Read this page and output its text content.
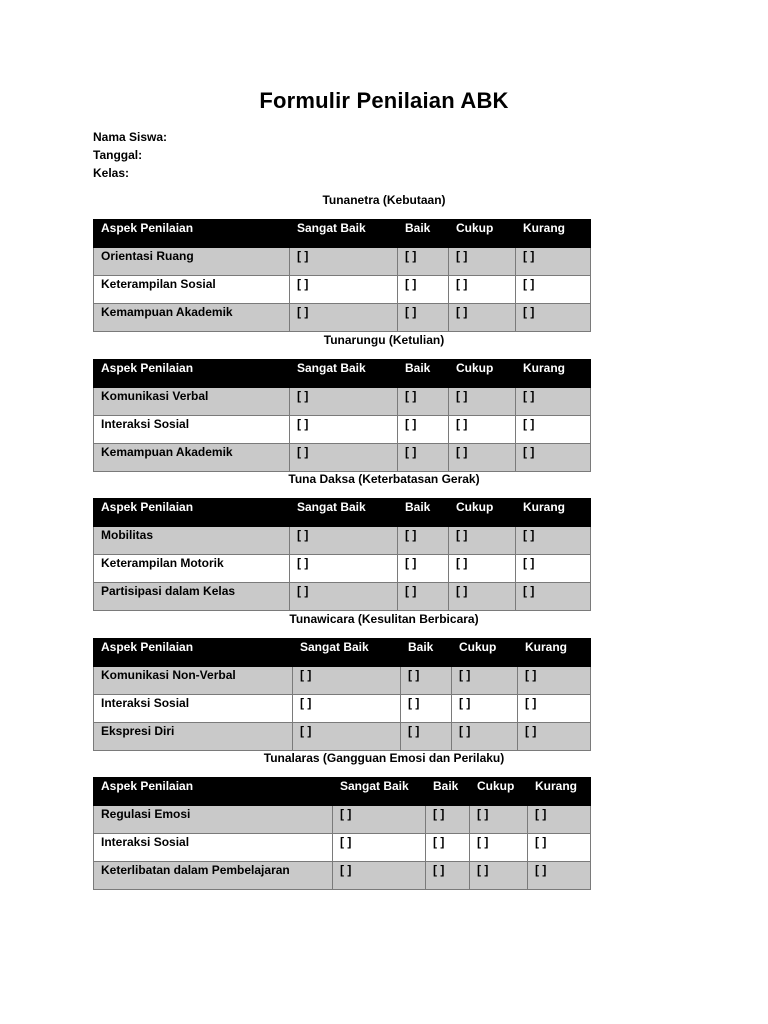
Formulir Penilaian ABK
Nama Siswa:
Tanggal:
Kelas:
Tunanetra (Kebutaan)
Aspek Penilaian	Sangat Baik	Baik	Cukup	Kurang
Orientasi Ruang	[ ]	[ ]	[ ]	[ ]
Keterampilan Sosial	[ ]	[ ]	[ ]	[ ]
Kemampuan Akademik	[ ]	[ ]	[ ]	[ ]
Tunarungu (Ketulian)
Aspek Penilaian	Sangat Baik	Baik	Cukup	Kurang
Komunikasi Verbal	[ ]	[ ]	[ ]	[ ]
Interaksi Sosial	[ ]	[ ]	[ ]	[ ]
Kemampuan Akademik	[ ]	[ ]	[ ]	[ ]
Tuna Daksa (Keterbatasan Gerak)
Aspek Penilaian	Sangat Baik	Baik	Cukup	Kurang
Mobilitas	[ ]	[ ]	[ ]	[ ]
Keterampilan Motorik	[ ]	[ ]	[ ]	[ ]
Partisipasi dalam Kelas	[ ]	[ ]	[ ]	[ ]
Tunawicara (Kesulitan Berbicara)
Aspek Penilaian	Sangat Baik	Baik	Cukup	Kurang
Komunikasi Non-Verbal	[ ]	[ ]	[ ]	[ ]
Interaksi Sosial	[ ]	[ ]	[ ]	[ ]
Ekspresi Diri	[ ]	[ ]	[ ]	[ ]
Tunalaras (Gangguan Emosi dan Perilaku)
Aspek Penilaian	Sangat Baik	Baik	Cukup	Kurang
Regulasi Emosi	[ ]	[ ]	[ ]	[ ]
Interaksi Sosial	[ ]	[ ]	[ ]	[ ]
Keterlibatan dalam Pembelajaran	[ ]	[ ]	[ ]	[ ]
